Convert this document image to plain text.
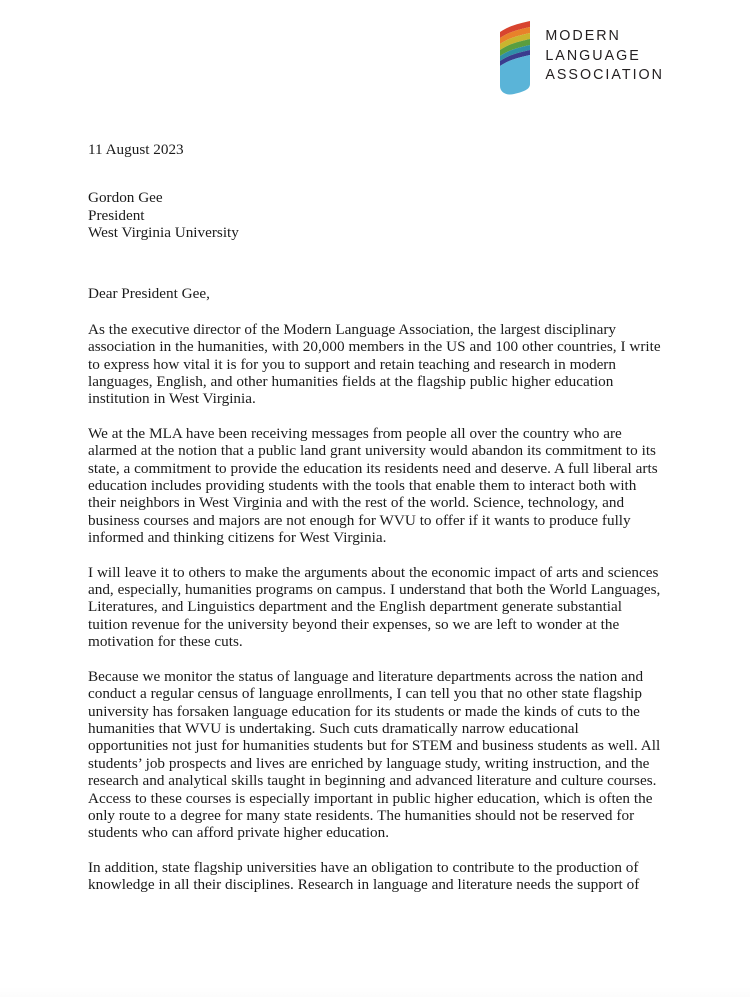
MODERN
LANGUAGE
ASSOCIATION
11 August 2023
Gordon Gee
President
West Virginia University
Dear President Gee,

As the executive director of the Modern Language Association, the largest disciplinary association in the humanities, with 20,000 members in the US and 100 other countries, I write to express how vital it is for you to support and retain teaching and research in modern languages, English, and other humanities fields at the flagship public higher education institution in West Virginia.

We at the MLA have been receiving messages from people all over the country who are alarmed at the notion that a public land grant university would abandon its commitment to its state, a commitment to provide the education its residents need and deserve. A full liberal arts education includes providing students with the tools that enable them to interact both with their neighbors in West Virginia and with the rest of the world. Science, technology, and business courses and majors are not enough for WVU to offer if it wants to produce fully informed and thinking citizens for West Virginia.

I will leave it to others to make the arguments about the economic impact of arts and sciences and, especially, humanities programs on campus. I understand that both the World Languages, Literatures, and Linguistics department and the English department generate substantial tuition revenue for the university beyond their expenses, so we are left to wonder at the motivation for these cuts.

Because we monitor the status of language and literature departments across the nation and conduct a regular census of language enrollments, I can tell you that no other state flagship university has forsaken language education for its students or made the kinds of cuts to the humanities that WVU is undertaking. Such cuts dramatically narrow educational opportunities not just for humanities students but for STEM and business students as well. All students’ job prospects and lives are enriched by language study, writing instruction, and the research and analytical skills taught in beginning and advanced literature and culture courses. Access to these courses is especially important in public higher education, which is often the only route to a degree for many state residents. The humanities should not be reserved for students who can afford private higher education.

In addition, state flagship universities have an obligation to contribute to the production of knowledge in all their disciplines. Research in language and literature needs the support of
